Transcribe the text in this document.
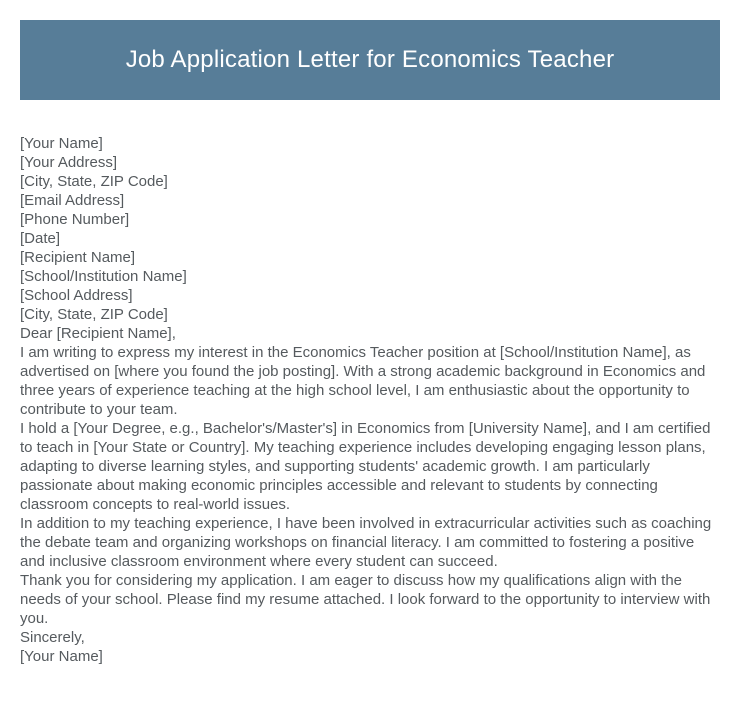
Job Application Letter for Economics Teacher
[Your Name]
[Your Address]
[City, State, ZIP Code]
[Email Address]
[Phone Number]
[Date]
[Recipient Name]
[School/Institution Name]
[School Address]
[City, State, ZIP Code]
Dear [Recipient Name],

I am writing to express my interest in the Economics Teacher position at [School/Institution Name], as advertised on [where you found the job posting]. With a strong academic background in Economics and three years of experience teaching at the high school level, I am enthusiastic about the opportunity to contribute to your team.

I hold a [Your Degree, e.g., Bachelor's/Master's] in Economics from [University Name], and I am certified to teach in [Your State or Country]. My teaching experience includes developing engaging lesson plans, adapting to diverse learning styles, and supporting students' academic growth. I am particularly passionate about making economic principles accessible and relevant to students by connecting classroom concepts to real-world issues.

In addition to my teaching experience, I have been involved in extracurricular activities such as coaching the debate team and organizing workshops on financial literacy. I am committed to fostering a positive and inclusive classroom environment where every student can succeed.

Thank you for considering my application. I am eager to discuss how my qualifications align with the needs of your school. Please find my resume attached. I look forward to the opportunity to interview with you.

Sincerely,
[Your Name]
